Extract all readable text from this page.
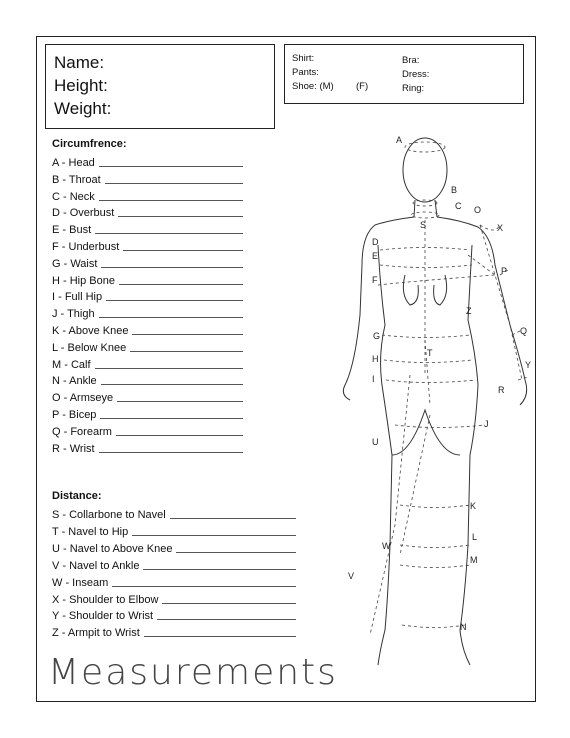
Name:
Height:
Weight:
Shirt:
Pants:
Shoe: (M) (F)
Bra:
Dress:
Ring:
Circumfrence:
A - Head
B - Throat
C - Neck
D - Overbust
E - Bust
F - Underbust
G - Waist
H - Hip Bone
I - Full Hip
J - Thigh
K - Above Knee
L - Below Knee
M - Calf
N - Ankle
O - Armseye
P - Bicep
Q - Forearm
R - Wrist
Distance:
S - Collarbone to Navel
T - Navel to Hip
U - Navel to Above Knee
V - Navel to Ankle
W - Inseam
X - Shoulder to Elbow
Y - Shoulder to Wrist
Z - Armpit to Wrist
A
B
C
D
E
F
G
H
I
J
K
L
M
N
O
P
Q
R
S
T
U
V
W
X
Y
Z
Measurements
